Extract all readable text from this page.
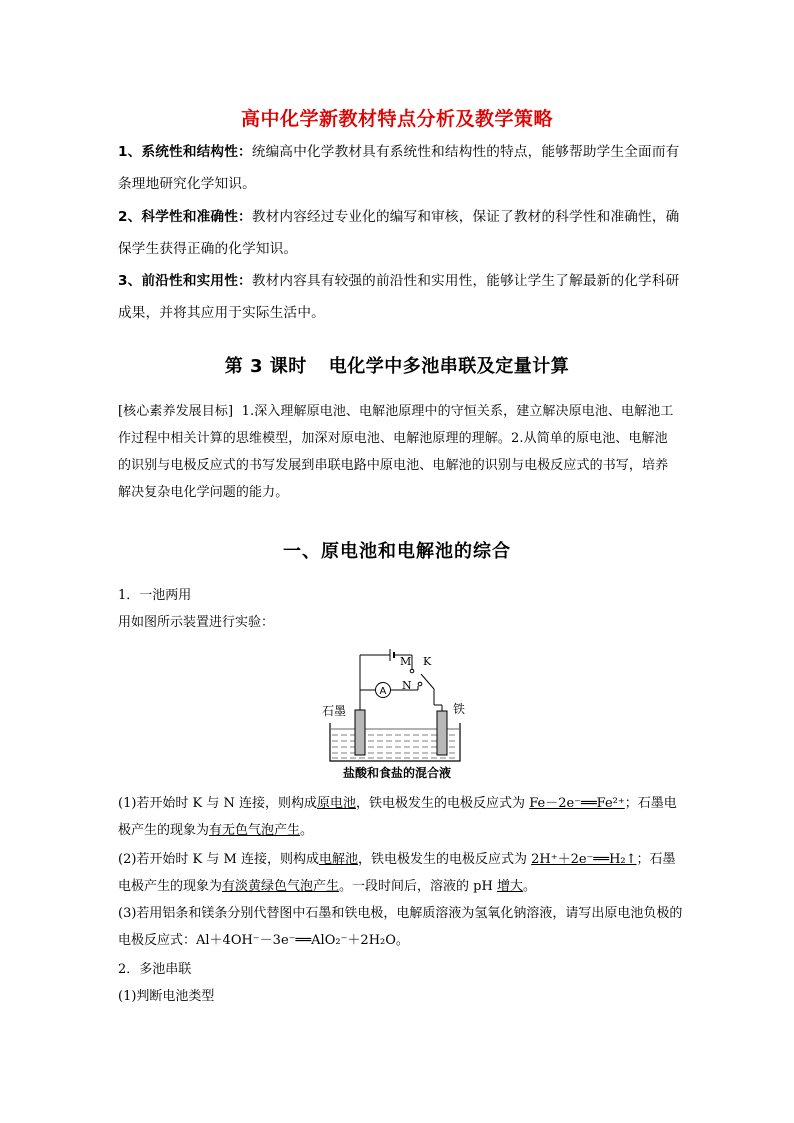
高中化学新教材特点分析及教学策略
1、系统性和结构性：统编高中化学教材具有系统性和结构性的特点，能够帮助学生全面而有条理地研究化学知识。
2、科学性和准确性：教材内容经过专业化的编写和审核，保证了教材的科学性和准确性，确保学生获得正确的化学知识。
3、前沿性和实用性：教材内容具有较强的前沿性和实用性，能够让学生了解最新的化学科研成果，并将其应用于实际生活中。
第 3 课时 电化学中多池串联及定量计算
[核心素养发展目标] 1.深入理解原电池、电解池原理中的守恒关系，建立解决原电池、电解池工作过程中相关计算的思维模型，加深对原电池、电解池原理的理解。2.从简单的原电池、电解池的识别与电极反应式的书写发展到串联电路中原电池、电解池的识别与电极反应式的书写，培养解决复杂电化学问题的能力。
一、原电池和电解池的综合
1．一池两用
用如图所示装置进行实验：
M K
N
A
石墨	铁
盐酸和食盐的混合液
(1)若开始时 K 与 N 连接，则构成原电池，铁电极发生的电极反应式为 Fe－2e⁻══Fe²⁺；石墨电极产生的现象为有无色气泡产生。
(2)若开始时 K 与 M 连接，则构成电解池，铁电极发生的电极反应式为 2H⁺＋2e⁻══H₂↑；石墨电极产生的现象为有淡黄绿色气泡产生。一段时间后，溶液的 pH 增大。
(3)若用铝条和镁条分别代替图中石墨和铁电极，电解质溶液为氢氧化钠溶液，请写出原电池负极的电极反应式：Al＋4OH⁻－3e⁻══AlO₂⁻＋2H₂O。
2．多池串联
(1)判断电池类型
